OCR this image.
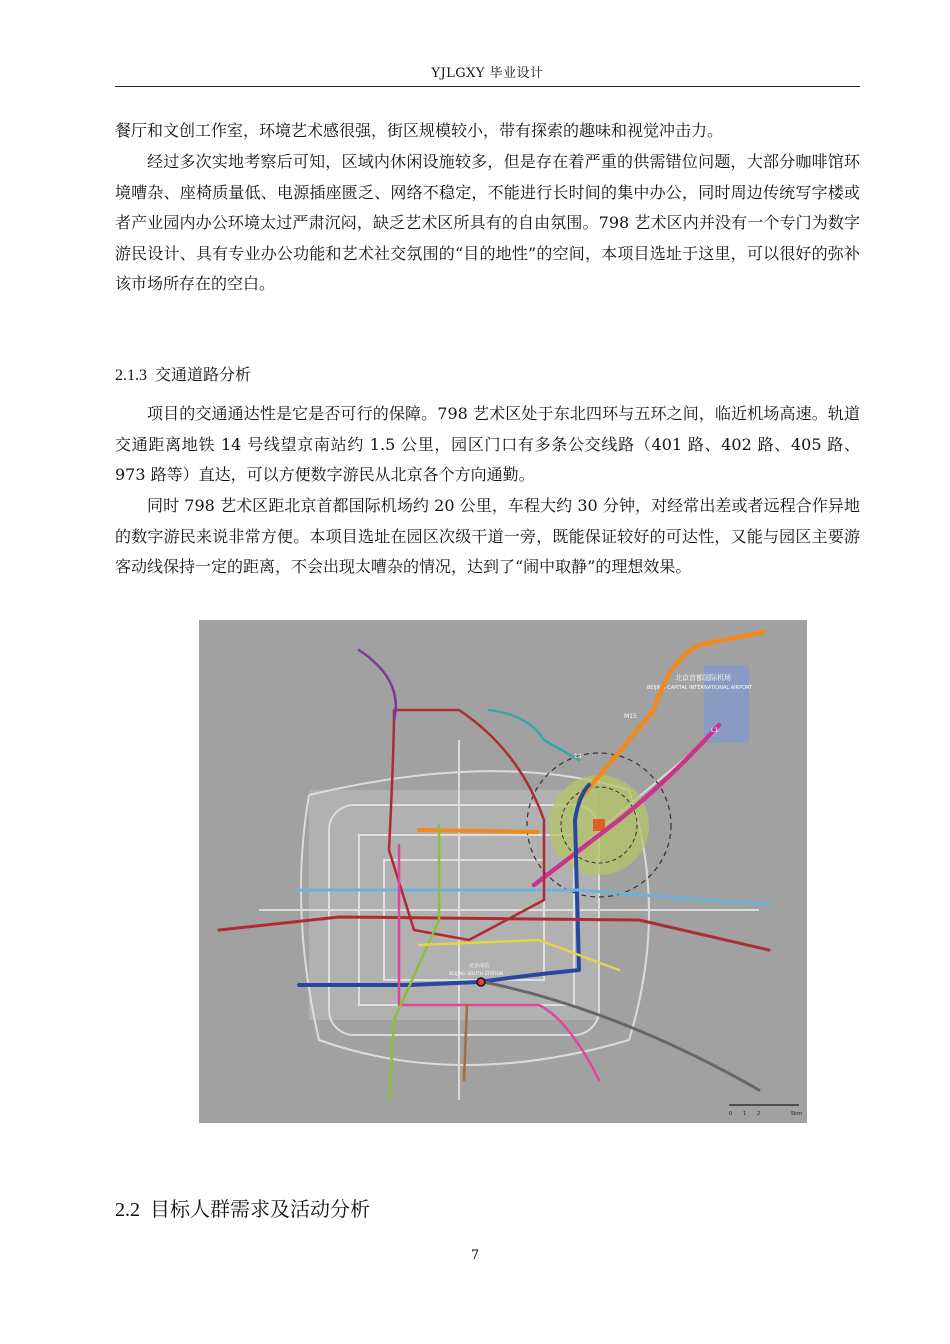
YJLGXY 毕业设计

餐厅和文创工作室，环境艺术感很强，街区规模较小，带有探索的趣味和视觉冲击力。

经过多次实地考察后可知，区域内休闲设施较多，但是存在着严重的供需错位问题，大部分咖啡馆环境嘈杂、座椅质量低、电源插座匮乏、网络不稳定，不能进行长时间的集中办公，同时周边传统写字楼或者产业园内办公环境太过严肃沉闷，缺乏艺术区所具有的自由氛围。798 艺术区内并没有一个专门为数字游民设计、具有专业办公功能和艺术社交氛围的“目的地性”的空间，本项目选址于这里，可以很好的弥补该市场所存在的空白。

2.1.3 交通道路分析

项目的交通通达性是它是否可行的保障。798 艺术区处于东北四环与五环之间，临近机场高速。轨道交通距离地铁 14 号线望京南站约 1.5 公里，园区门口有多条公交线路（401 路、402 路、405 路、973 路等）直达，可以方便数字游民从北京各个方向通勤。

同时 798 艺术区距北京首都国际机场约 20 公里，车程大约 30 分钟，对经常出差或者远程合作异地的数字游民来说非常方便。本项目选址在园区次级干道一旁，既能保证较好的可达性，又能与园区主要游客动线保持一定的距离，不会出现太嘈杂的情况，达到了“闹中取静”的理想效果。

北京首都国际机场
BEIJING CAPITAL INTERNATIONAL AIRPORT
M15
L1
14
北京南站
BEIJING SOUTH STATION
0 1 2	5km
2.2 目标人群需求及活动分析
7
